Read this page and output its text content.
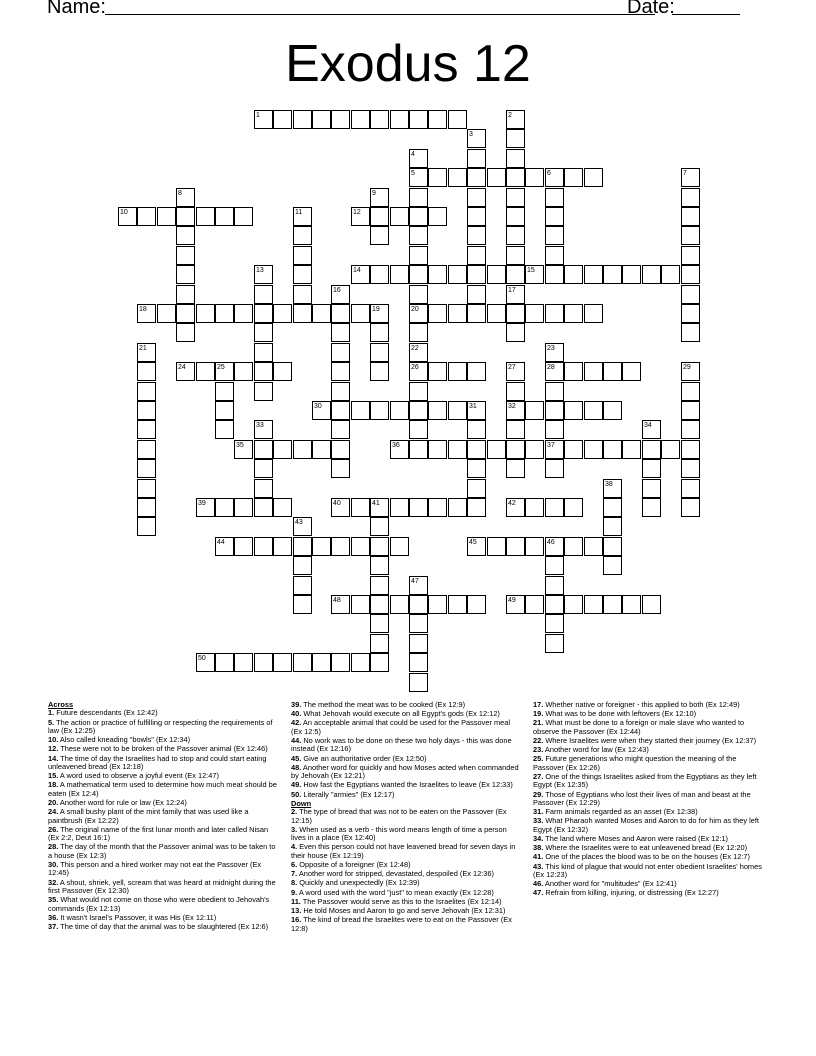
Name:	Date:
Exodus 12
1	2
3
4
5
20
6	7
8	9
10	11	12
13	14	15
16	17
18	19
21	22
26
23
28
37
24	25	27
32
29
30	31
33	34
35	36
38
39	40	41	42
43
44	45	46
47
48	49
50
Across
1. Future descendants (Ex 12:42)
5. The action or practice of fulfilling or respecting the requirements of law (Ex 12:25)
10. Also called kneading "bowls" (Ex 12:34)
12. These were not to be broken of the Passover animal (Ex 12:46)
14. The time of day the Israelites had to stop and could start eating unleavened bread (Ex 12:18)
15. A word used to observe a joyful event (Ex 12:47)
18. A mathematical term used to determine how much meat should be eaten (Ex 12:4)
20. Another word for rule or law (Ex 12:24)
24. A small bushy plant of the mint family that was used like a paintbrush (Ex 12:22)
26. The original name of the first lunar month and later called Nisan (Ex 2:2, Deut 16:1)
28. The day of the month that the Passover animal was to be taken to a house (Ex 12:3)
30. This person and a hired worker may not eat the Passover (Ex 12:45)
32. A shout, shriek, yell, scream that was heard at midnight during the first Passover (Ex 12:30)
35. What would not come on those who were obedient to Jehovah's commands (Ex 12:13)
36. It wasn't Israel's Passover, it was His (Ex 12:11)
37. The time of day that the animal was to be slaughtered (Ex 12:6)
39. The method the meat was to be cooked (Ex 12:9)
40. What Jehovah would execute on all Egypt's gods (Ex 12:12)
42. An acceptable animal that could be used for the Passover meal (Ex 12:5)
44. No work was to be done on these two holy days - this was done instead (Ex 12:16)
45. Give an authoritative order (Ex 12:50)
48. Another word for quickly and how Moses acted when commanded by Jehovah (Ex 12:21)
49. How fast the Egyptians wanted the Israelites to leave (Ex 12:33)
50. Literally "armies" (Ex 12:17)
Down
2. The type of bread that was not to be eaten on the Passover (Ex 12:15)
3. When used as a verb - this word means length of time a person lives in a place (Ex 12:40)
4. Even this person could not have leavened bread for seven days in their house (Ex 12:19)
6. Opposite of a foreigner (Ex 12:48)
7. Another word for stripped, devastated, despoiled (Ex 12:36)
8. Quickly and unexpectedly (Ex 12:39)
9. A word used with the word "just" to mean exactly (Ex 12:28)
11. The Passover would serve as this to the Israelites (Ex 12:14)
13. He told Moses and Aaron to go and serve Jehovah (Ex 12:31)
16. The kind of bread the Israelites were to eat on the Passover (Ex 12:8)
17. Whether native or foreigner - this applied to both (Ex 12:49)
19. What was to be done with leftovers (Ex 12:10)
21. What must be done to a foreign or male slave who wanted to observe the Passover (Ex 12:44)
22. Where Israelites were when they started their journey (Ex 12:37)
23. Another word for law (Ex 12:43)
25. Future generations who might question the meaning of the Passover (Ex 12:26)
27. One of the things Israelites asked from the Egyptians as they left Egypt (Ex 12:35)
29. Those of Egyptians who lost their lives of man and beast at the Passover (Ex 12:29)
31. Farm animals regarded as an asset (Ex 12:38)
33. What Pharaoh wanted Moses and Aaron to do for him as they left Egypt (Ex 12:32)
34. The land where Moses and Aaron were raised (Ex 12:1)
38. Where the Israelites were to eat unleavened bread (Ex 12:20)
41. One of the places the blood was to be on the houses (Ex 12:7)
43. This kind of plague that would not enter obedient Israelites' homes (Ex 12:23)
46. Another word for "multitudes" (Ex 12:41)
47. Refrain from killing, injuring, or distressing (Ex 12:27)
